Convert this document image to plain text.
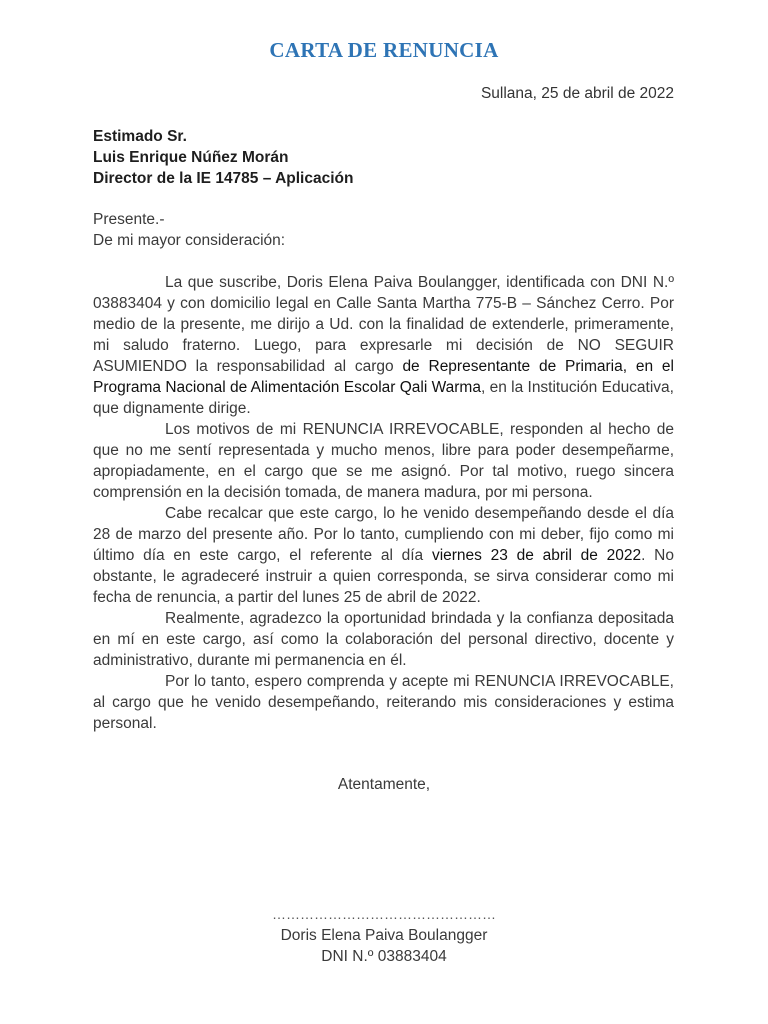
CARTA DE RENUNCIA
Sullana, 25 de abril de 2022
Estimado Sr.
Luis Enrique Núñez Morán
Director de la IE 14785 – Aplicación
Presente.-
De mi mayor consideración:

La que suscribe, Doris Elena Paiva Boulangger, identificada con DNI N.º 03883404 y con domicilio legal en Calle Santa Martha 775-B – Sánchez Cerro. Por medio de la presente, me dirijo a Ud. con la finalidad de extenderle, primeramente, mi saludo fraterno. Luego, para expresarle mi decisión de NO SEGUIR ASUMIENDO la responsabilidad al cargo de Representante de Primaria, en el Programa Nacional de Alimentación Escolar Qali Warma, en la Institución Educativa, que dignamente dirige.

Los motivos de mi RENUNCIA IRREVOCABLE, responden al hecho de que no me sentí representada y mucho menos, libre para poder desempeñarme, apropiadamente, en el cargo que se me asignó. Por tal motivo, ruego sincera comprensión en la decisión tomada, de manera madura, por mi persona.

Cabe recalcar que este cargo, lo he venido desempeñando desde el día 28 de marzo del presente año. Por lo tanto, cumpliendo con mi deber, fijo como mi último día en este cargo, el referente al día viernes 23 de abril de 2022. No obstante, le agradeceré instruir a quien corresponda, se sirva considerar como mi fecha de renuncia, a partir del lunes 25 de abril de 2022.

Realmente, agradezco la oportunidad brindada y la confianza depositada en mí en este cargo, así como la colaboración del personal directivo, docente y administrativo, durante mi permanencia en él.

Por lo tanto, espero comprenda y acepte mi RENUNCIA IRREVOCABLE, al cargo que he venido desempeñando, reiterando mis consideraciones y estima personal.

Atentamente,
…………………………………………
Doris Elena Paiva Boulangger
DNI N.º 03883404
